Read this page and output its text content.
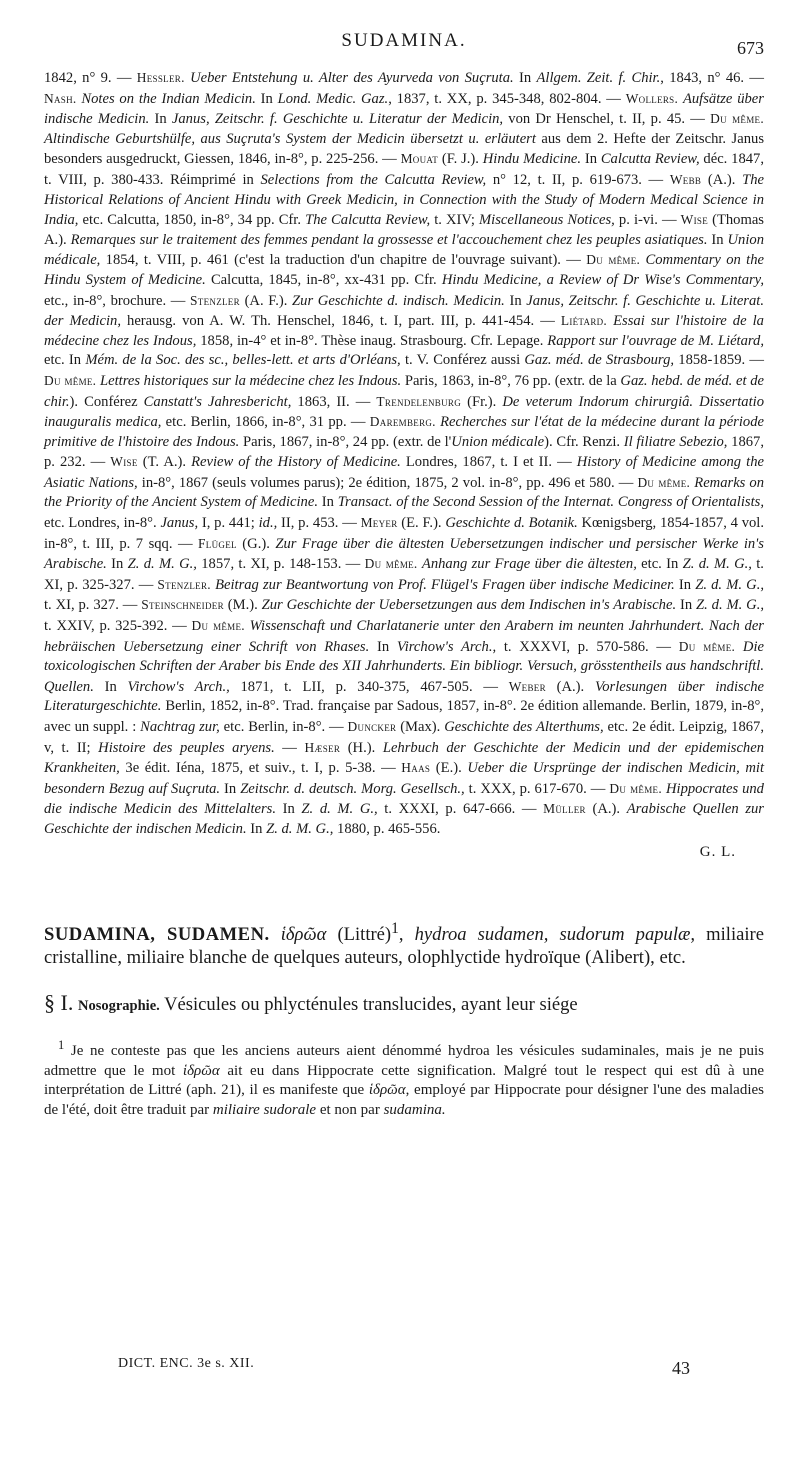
SUDAMINA.	673

1842, n° 9. — Hessler. Ueber Entstehung u. Alter des Ayurveda von Suçruta. In Allgem. Zeit. f. Chir., 1843, n° 46. — Nash. Notes on the Indian Medicin. In Lond. Medic. Gaz., 1837, t. XX, p. 345-348, 802-804. — Wollers. Aufsätze über indische Medicin. In Janus, Zeitschr. f. Geschichte u. Literatur der Medicin, von Dr Henschel, t. II, p. 45. — Du même. Altindische Geburtshülfe, aus Suçruta's System der Medicin übersetzt u. erläutert aus dem 2. Hefte der Zeitschr. Janus besonders ausgedruckt, Giessen, 1846, in-8°, p. 225-256. — Mouat (F. J.). Hindu Medicine. In Calcutta Review, déc. 1847, t. VIII, p. 380-433. Réimprimé in Selections from the Calcutta Review, n° 12, t. II, p. 619-673. — Webb (A.). The Historical Relations of Ancient Hindu with Greek Medicin, in Connection with the Study of Modern Medical Science in India, etc. Calcutta, 1850, in-8°, 34 pp. Cfr. The Calcutta Review, t. XIV; Miscellaneous Notices, p. i-vi. — Wise (Thomas A.). Remarques sur le traitement des femmes pendant la grossesse et l'accouchement chez les peuples asiatiques. In Union médicale, 1854, t. VIII, p. 461 (c'est la traduction d'un chapitre de l'ouvrage suivant). — Du même. Commentary on the Hindu System of Medicine. Calcutta, 1845, in-8°, xx-431 pp. Cfr. Hindu Medicine, a Review of Dr Wise's Commentary, etc., in-8°, brochure. — Stenzler (A. F.). Zur Geschichte d. indisch. Medicin. In Janus, Zeitschr. f. Geschichte u. Literat. der Medicin, herausg. von A. W. Th. Henschel, 1846, t. I, part. III, p. 441-454. — Liétard. Essai sur l'histoire de la médecine chez les Indous, 1858, in-4° et in-8°. Thèse inaug. Strasbourg. Cfr. Lepage. Rapport sur l'ouvrage de M. Liétard, etc. In Mém. de la Soc. des sc., belles-lett. et arts d'Orléans, t. V. Conférez aussi Gaz. méd. de Strasbourg, 1858-1859. — Du même. Lettres historiques sur la médecine chez les Indous. Paris, 1863, in-8°, 76 pp. (extr. de la Gaz. hebd. de méd. et de chir.). Conférez Canstatt's Jahresbericht, 1863, II. — Trendelenburg (Fr.). De veterum Indorum chirurgiâ. Dissertatio inauguralis medica, etc. Berlin, 1866, in-8°, 31 pp. — Daremberg. Recherches sur l'état de la médecine durant la période primitive de l'histoire des Indous. Paris, 1867, in-8°, 24 pp. (extr. de l'Union médicale). Cfr. Renzi. Il filiatre Sebezio, 1867, p. 232. — Wise (T. A.). Review of the History of Medicine. Londres, 1867, t. I et II. — History of Medicine among the Asiatic Nations, in-8°, 1867 (seuls volumes parus); 2e édition, 1875, 2 vol. in-8°, pp. 496 et 580. — Du même. Remarks on the Priority of the Ancient System of Medicine. In Transact. of the Second Session of the Internat. Congress of Orientalists, etc. Londres, in-8°. Janus, I, p. 441; id., II, p. 453. — Meyer (E. F.). Geschichte d. Botanik. Kœnigsberg, 1854-1857, 4 vol. in-8°, t. III, p. 7 sqq. — Flügel (G.). Zur Frage über die ältesten Uebersetzungen indischer und persischer Werke in's Arabische. In Z. d. M. G., 1857, t. XI, p. 148-153. — Du même. Anhang zur Frage über die ältesten, etc. In Z. d. M. G., t. XI, p. 325-327. — Stenzler. Beitrag zur Beantwortung von Prof. Flügel's Fragen über indische Mediciner. In Z. d. M. G., t. XI, p. 327. — Steinschneider (M.). Zur Geschichte der Uebersetzungen aus dem Indischen in's Arabische. In Z. d. M. G., t. XXIV, p. 325-392. — Du même. Wissenschaft und Charlatanerie unter den Arabern im neunten Jahrhundert. Nach der hebräischen Uebersetzung einer Schrift von Rhases. In Virchow's Arch., t. XXXVI, p. 570-586. — Du même. Die toxicologischen Schriften der Araber bis Ende des XII Jahrhunderts. Ein bibliogr. Versuch, grösstentheils aus handschriftl. Quellen. In Virchow's Arch., 1871, t. LII, p. 340-375, 467-505. — Weber (A.). Vorlesungen über indische Literaturgeschichte. Berlin, 1852, in-8°. Trad. française par Sadous, 1857, in-8°. 2e édition allemande. Berlin, 1879, in-8°, avec un suppl. : Nachtrag zur, etc. Berlin, in-8°. — Duncker (Max). Geschichte des Alterthums, etc. 2e édit. Leipzig, 1867, v, t. II; Histoire des peuples aryens. — Hæser (H.). Lehrbuch der Geschichte der Medicin und der epidemischen Krankheiten, 3e édit. Iéna, 1875, et suiv., t. I, p. 5-38. — Haas (E.). Ueber die Ursprünge der indischen Medicin, mit besondern Bezug auf Suçruta. In Zeitschr. d. deutsch. Morg. Gesellsch., t. XXX, p. 617-670. — Du même. Hippocrates und die indische Medicin des Mittelalters. In Z. d. M. G., t. XXXI, p. 647-666. — Müller (A.). Arabische Quellen zur Geschichte der indischen Medicin. In Z. d. M. G., 1880, p. 465-556.

G. L.

SUDAMINA, SUDAMEN. ἱδρῶα (Littré)$^1$, hydroa sudamen, sudorum papulæ, miliaire cristalline, miliaire blanche de quelques auteurs, olophlyctide hydroïque (Alibert), etc.

§ I. Nosographie. Vésicules ou phlycténules translucides, ayant leur siége

$^1$ Je ne conteste pas que les anciens auteurs aient dénommé hydroa les vésicules sudaminales, mais je ne puis admettre que le mot ἱδρῶα ait eu dans Hippocrate cette signification. Malgré tout le respect qui est dû à une interprétation de Littré (aph. 21), il es manifeste que ἱδρῶα, employé par Hippocrate pour désigner l'une des maladies de l'été, doit être traduit par miliaire sudorale et non par sudamina.

DICT. ENC. 3e s. XII.	43
